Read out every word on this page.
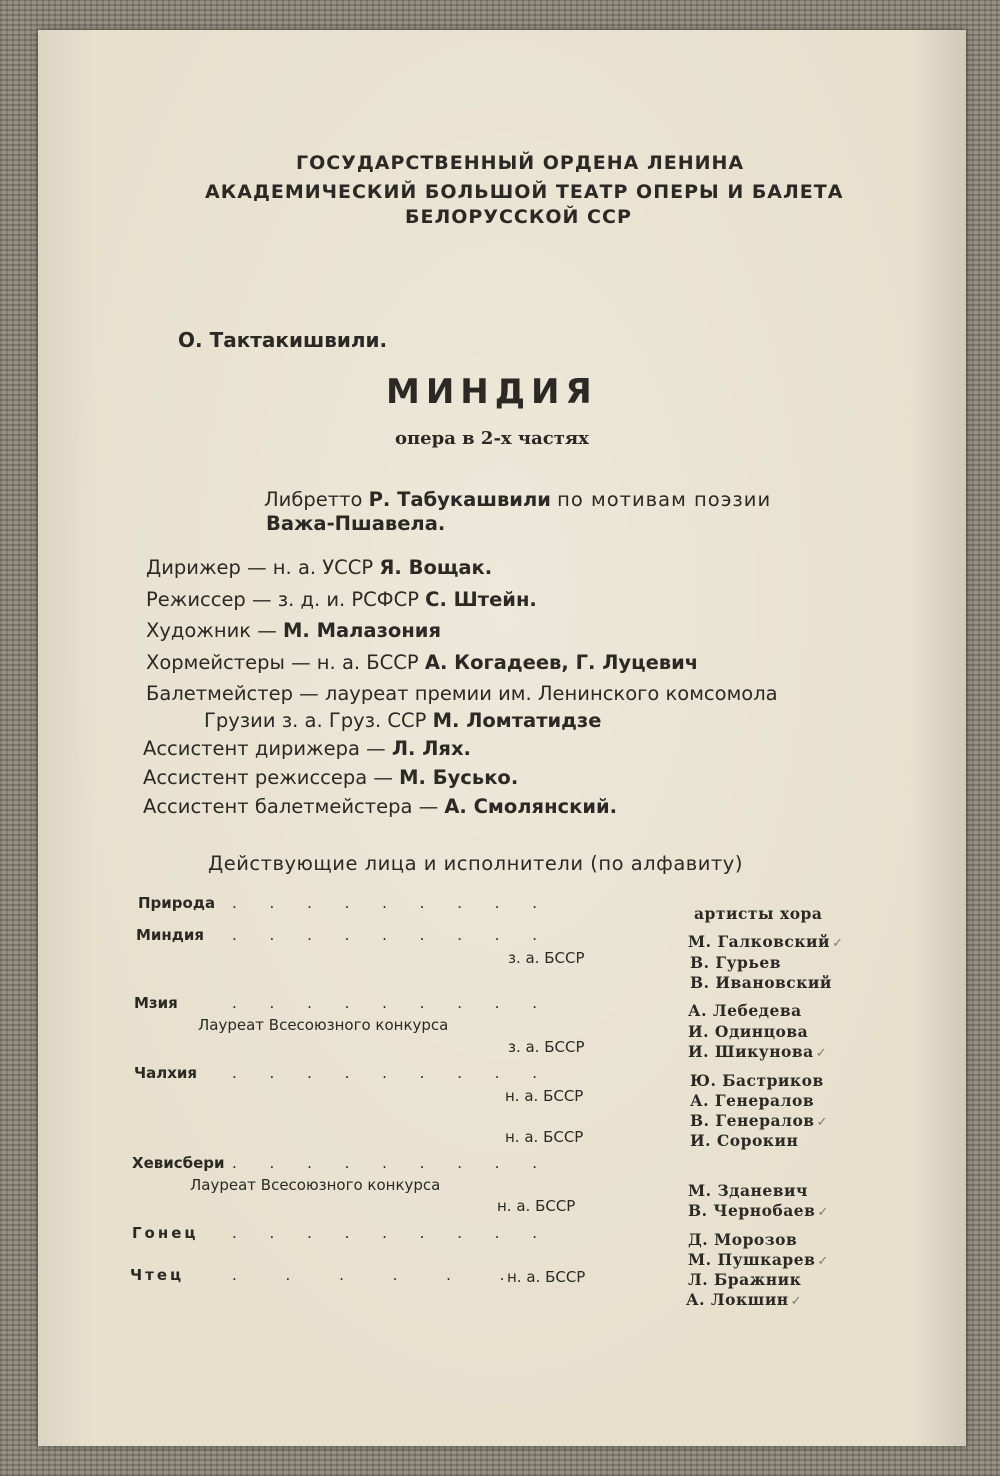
ГОСУДАРСТВЕННЫЙ ОРДЕНА ЛЕНИНА
АКАДЕМИЧЕСКИЙ БОЛЬШОЙ ТЕАТР ОПЕРЫ И БАЛЕТА
БЕЛОРУССКОЙ ССР
О. Тактакишвили.
МИНДИЯ
опера в 2-х частях
Либретто Р. Табукашвили по мотивам поэзии
Важа-Пшавела.
Дирижер — н. а. УССР Я. Вощак.
Режиссер — з. д. и. РСФСР С. Штейн.
Художник — М. Малазония
Хормейстеры — н. а. БССР А. Когадеев, Г. Луцевич
Балетмейстер — лауреат премии им. Ленинского комсомола
Грузии з. а. Груз. ССР М. Ломтатидзе
Ассистент дирижера — Л. Лях.
Ассистент режиссера — М. Бусько.
Ассистент балетмейстера — А. Смолянский.
Действующие лица и исполнители (по алфавиту)
Природа . . . . . . . . .
Миндия . . . . . . . . .
з. а. БССР
Мзия	. . . . . . . . .
Лауреат Всесоюзного конкурса
з. а. БССР
Чалхия . . . . . . . . .
н. а. БССР
н. а. БССР
Хевисбери . . . . . . . . .
Лауреат Всесоюзного конкурса
н. а. БССР
Гонец . . . . . . . . .
Чтец	. . . . . .
н. а. БССР
артисты хора
М. Галковский ✓
В. Гурьев
В. Ивановский
А. Лебедева
И. Одинцова
И. Шикунова ✓
Ю. Бастриков
А. Генералов
В. Генералов ✓
И. Сорокин
М. Зданевич
В. Чернобаев ✓
Д. Морозов
М. Пушкарев ✓
Л. Бражник
А. Локшин ✓
